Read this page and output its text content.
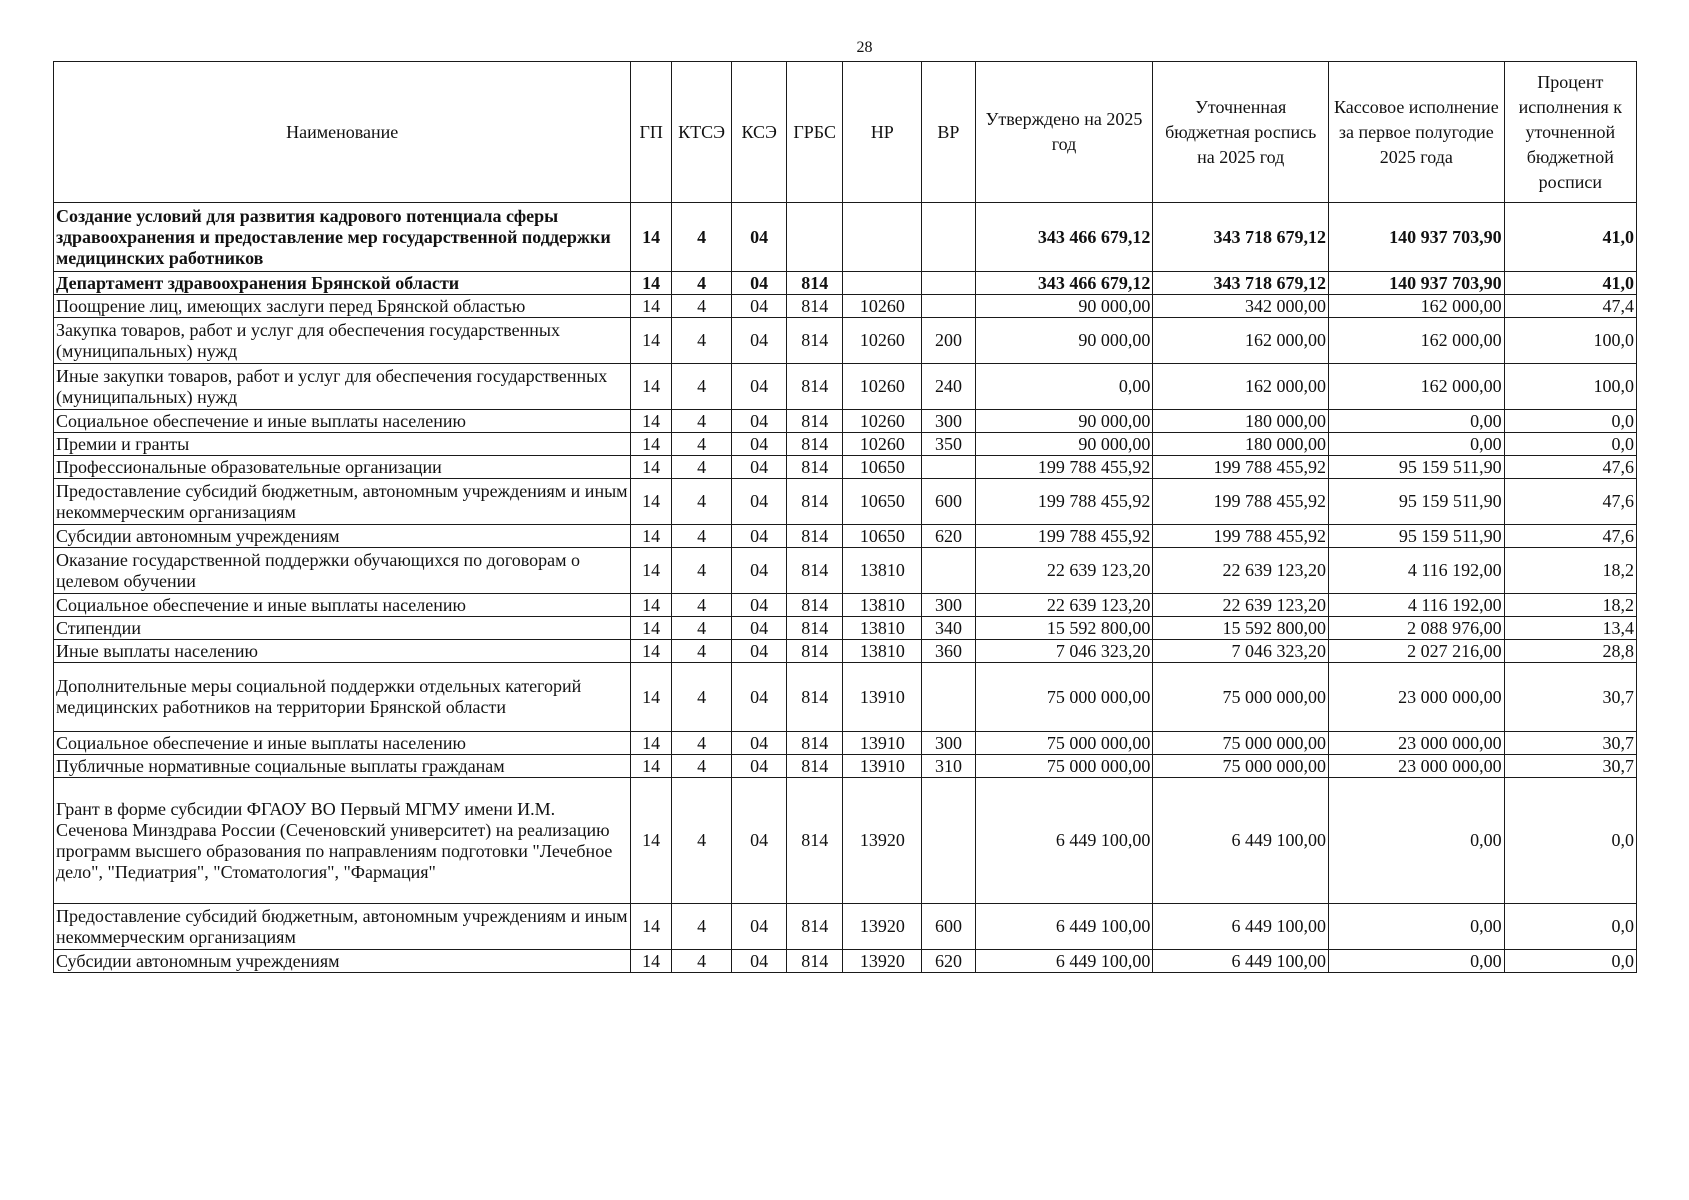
28
Наименование	ГП	КТСЭ	КСЭ	ГРБС	НР	ВР	Утверждено на 2025 год	Уточненная бюджетная роспись на 2025 год	Кассовое исполнение за первое полугодие 2025 года	Процент исполнения к уточненной бюджетной росписи
Создание условий для развития кадрового потенциала сферы здравоохранения и предоставление мер государственной поддержки медицинских работников	14	4	04				343 466 679,12	343 718 679,12	140 937 703,90	41,0
Департамент здравоохранения Брянской области	14	4	04	814			343 466 679,12	343 718 679,12	140 937 703,90	41,0
Поощрение лиц, имеющих заслуги перед Брянской областью	14	4	04	814	10260		90 000,00	342 000,00	162 000,00	47,4
Закупка товаров, работ и услуг для обеспечения государственных (муниципальных) нужд	14	4	04	814	10260	200	90 000,00	162 000,00	162 000,00	100,0
Иные закупки товаров, работ и услуг для обеспечения государственных (муниципальных) нужд	14	4	04	814	10260	240	0,00	162 000,00	162 000,00	100,0
Социальное обеспечение и иные выплаты населению	14	4	04	814	10260	300	90 000,00	180 000,00	0,00	0,0
Премии и гранты	14	4	04	814	10260	350	90 000,00	180 000,00	0,00	0,0
Профессиональные образовательные организации	14	4	04	814	10650		199 788 455,92	199 788 455,92	95 159 511,90	47,6
Предоставление субсидий бюджетным, автономным учреждениям и иным некоммерческим организациям	14	4	04	814	10650	600	199 788 455,92	199 788 455,92	95 159 511,90	47,6
Субсидии автономным учреждениям	14	4	04	814	10650	620	199 788 455,92	199 788 455,92	95 159 511,90	47,6
Оказание государственной поддержки обучающихся по договорам о целевом обучении	14	4	04	814	13810		22 639 123,20	22 639 123,20	4 116 192,00	18,2
Социальное обеспечение и иные выплаты населению	14	4	04	814	13810	300	22 639 123,20	22 639 123,20	4 116 192,00	18,2
Стипендии	14	4	04	814	13810	340	15 592 800,00	15 592 800,00	2 088 976,00	13,4
Иные выплаты населению	14	4	04	814	13810	360	7 046 323,20	7 046 323,20	2 027 216,00	28,8
Дополнительные меры социальной поддержки отдельных категорий медицинских работников на территории Брянской области	14	4	04	814	13910		75 000 000,00	75 000 000,00	23 000 000,00	30,7
Социальное обеспечение и иные выплаты населению	14	4	04	814	13910	300	75 000 000,00	75 000 000,00	23 000 000,00	30,7
Публичные нормативные социальные выплаты гражданам	14	4	04	814	13910	310	75 000 000,00	75 000 000,00	23 000 000,00	30,7
Грант в форме субсидии ФГАОУ ВО Первый МГМУ имени И.М. Сеченова Минздрава России (Сеченовский университет) на реализацию программ высшего образования по направлениям подготовки "Лечебное дело", "Педиатрия", "Стоматология", "Фармация"	14	4	04	814	13920		6 449 100,00	6 449 100,00	0,00	0,0
Предоставление субсидий бюджетным, автономным учреждениям и иным некоммерческим организациям	14	4	04	814	13920	600	6 449 100,00	6 449 100,00	0,00	0,0
Субсидии автономным учреждениям	14	4	04	814	13920	620	6 449 100,00	6 449 100,00	0,00	0,0
